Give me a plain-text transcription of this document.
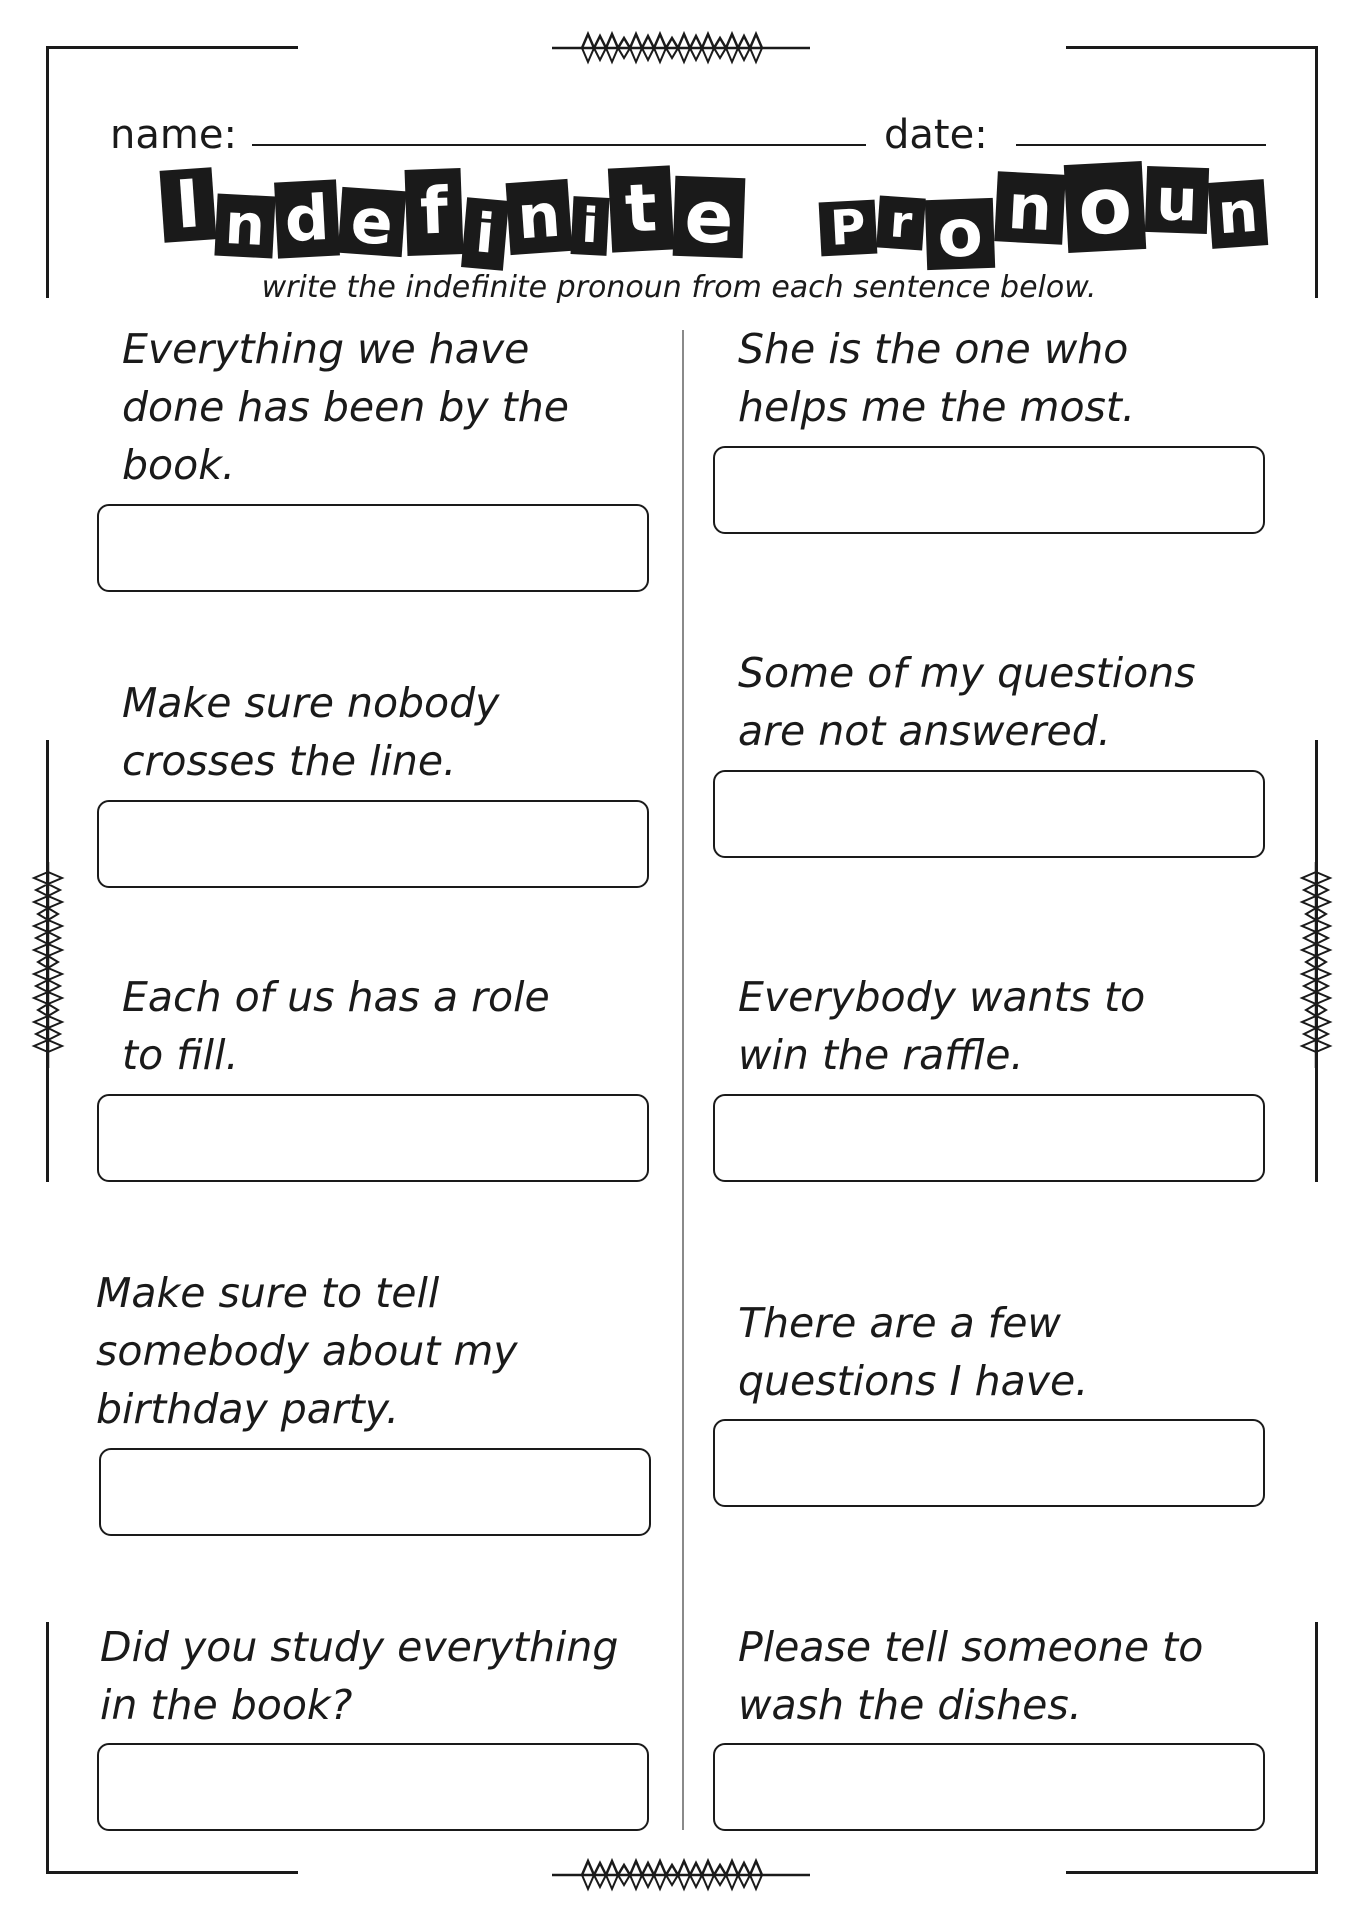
name:	date:
I n d e f i n i t e P r o n o u n
write the indefinite pronoun from each sentence below.
Everything we have
done has been by the
book.
Make sure nobody
crosses the line.
Each of us has a role
to fill.
Make sure to tell
somebody about my
birthday party.
Did you study everything
in the book?
She is the one who
helps me the most.
Some of my questions
are not answered.
Everybody wants to
win the raffle.
There are a few
questions I have.
Please tell someone to
wash the dishes.
